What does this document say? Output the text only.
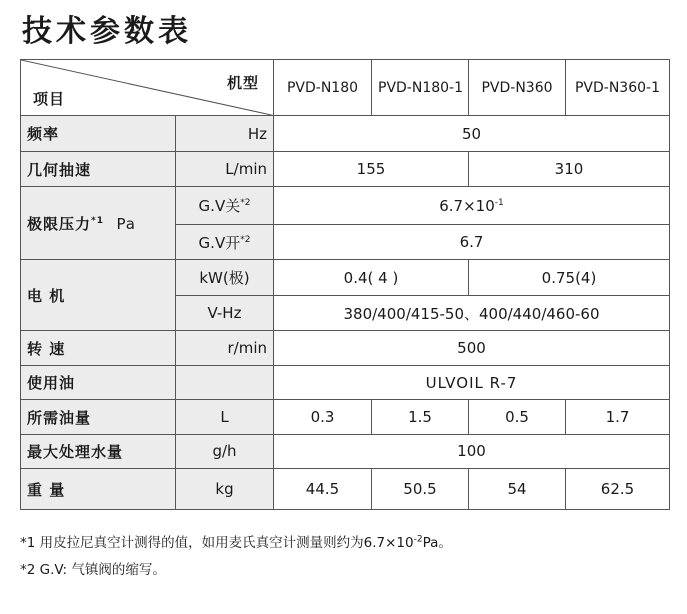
技术参数表
机型
项目		PVD-N180	PVD-N180-1	PVD-N360	PVD-N360-1
频率	Hz	50			
几何抽速	L/min	155		310	
极限压力$^{*1}$ Pa	G.V关$^{*2}$	$6.7\times 10^{-1}$
	G.V开$^{*2}$	6.7			
电 机	kW(极)	0.4( 4 )		0.75(4)	
	V-Hz	380/400/415-50、400/440/460-60			
转 速	r/min	500			
使用油		ULVOIL R-7			
所需油量	L	0.3	1.5	0.5	1.7
最大处理水量	g/h	100			
重 量	kg	44.5	50.5	54	62.5
*1 用皮拉尼真空计测得的值，如用麦氏真空计测量则约为$6.7\times 10^{-2}Pa$。
*2 G.V: 气镇阀的缩写。
